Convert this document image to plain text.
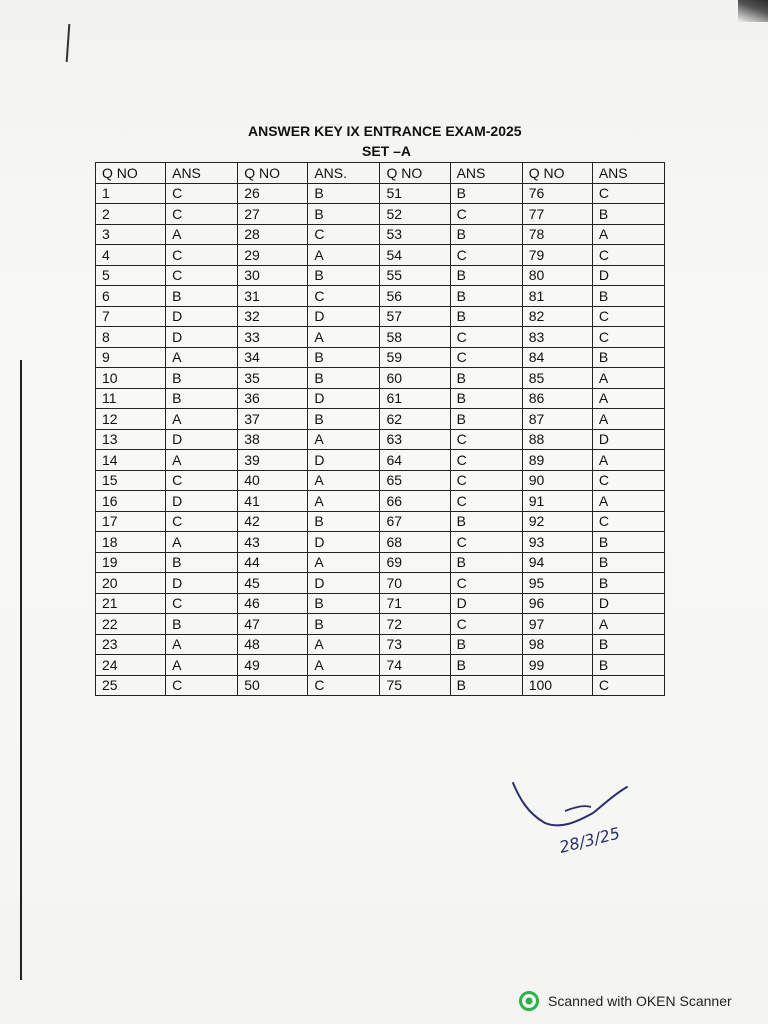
ANSWER KEY IX ENTRANCE EXAM-2025
SET –A
Q NO	ANS	Q NO	ANS.	Q NO	ANS	Q NO	ANS
1	C	26	B	51	B	76	C
2	C	27	B	52	C	77	B
3	A	28	C	53	B	78	A
4	C	29	A	54	C	79	C
5	C	30	B	55	B	80	D
6	B	31	C	56	B	81	B
7	D	32	D	57	B	82	C
8	D	33	A	58	C	83	C
9	A	34	B	59	C	84	B
10	B	35	B	60	B	85	A
11	B	36	D	61	B	86	A
12	A	37	B	62	B	87	A
13	D	38	A	63	C	88	D
14	A	39	D	64	C	89	A
15	C	40	A	65	C	90	C
16	D	41	A	66	C	91	A
17	C	42	B	67	B	92	C
18	A	43	D	68	C	93	B
19	B	44	A	69	B	94	B
20	D	45	D	70	C	95	B
21	C	46	B	71	D	96	D
22	B	47	B	72	C	97	A
23	A	48	A	73	B	98	B
24	A	49	A	74	B	99	B
25	C	50	C	75	B	100	C
28/3/25
Scanned with OKEN Scanner
